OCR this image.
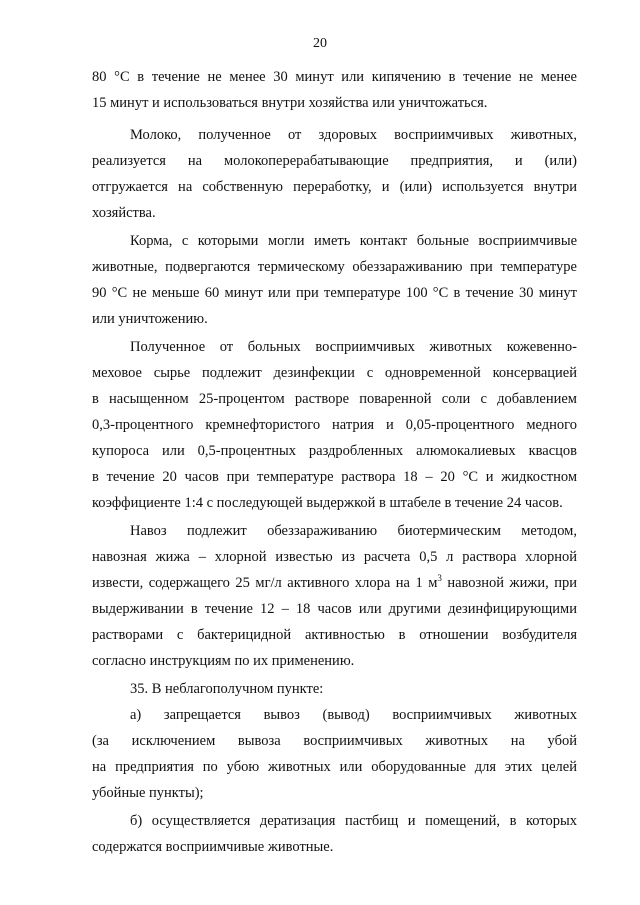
20
80 °С в течение не менее 30 минут или кипячению в течение не менее
15 минут и использоваться внутри хозяйства или уничтожаться.
Молоко, полученное от здоровых восприимчивых животных,
реализуется на молокоперерабатывающие предприятия, и (или)
отгружается на собственную переработку, и (или) используется внутри
хозяйства.
Корма, с которыми могли иметь контакт больные восприимчивые
животные, подвергаются термическому обеззараживанию при температуре
90 °С не меньше 60 минут или при температуре 100 °С в течение 30 минут
или уничтожению.
Полученное от больных восприимчивых животных кожевенно-
меховое сырье подлежит дезинфекции с одновременной консервацией
в насыщенном 25-процентом растворе поваренной соли с добавлением
0,3-процентного кремнефтористого натрия и 0,05-процентного медного
купороса или 0,5-процентных раздробленных алюмокалиевых квасцов
в течение 20 часов при температуре раствора 18 – 20 °С и жидкостном
коэффициенте 1:4 с последующей выдержкой в штабеле в течение 24 часов.
Навоз подлежит обеззараживанию биотермическим методом,
навозная жижа – хлорной известью из расчета 0,5 л раствора хлорной
извести, содержащего 25 мг/л активного хлора на 1 $м^3$ навозной жижи, при
выдерживании в течение 12 – 18 часов или другими дезинфицирующими
растворами с бактерицидной активностью в отношении возбудителя
согласно инструкциям по их применению.
35. В неблагополучном пункте:
а) запрещается вывоз (вывод) восприимчивых животных
(за исключением вывоза восприимчивых животных на убой
на предприятия по убою животных или оборудованные для этих целей
убойные пункты);
б) осуществляется дератизация пастбищ и помещений, в которых
содержатся восприимчивые животные.
